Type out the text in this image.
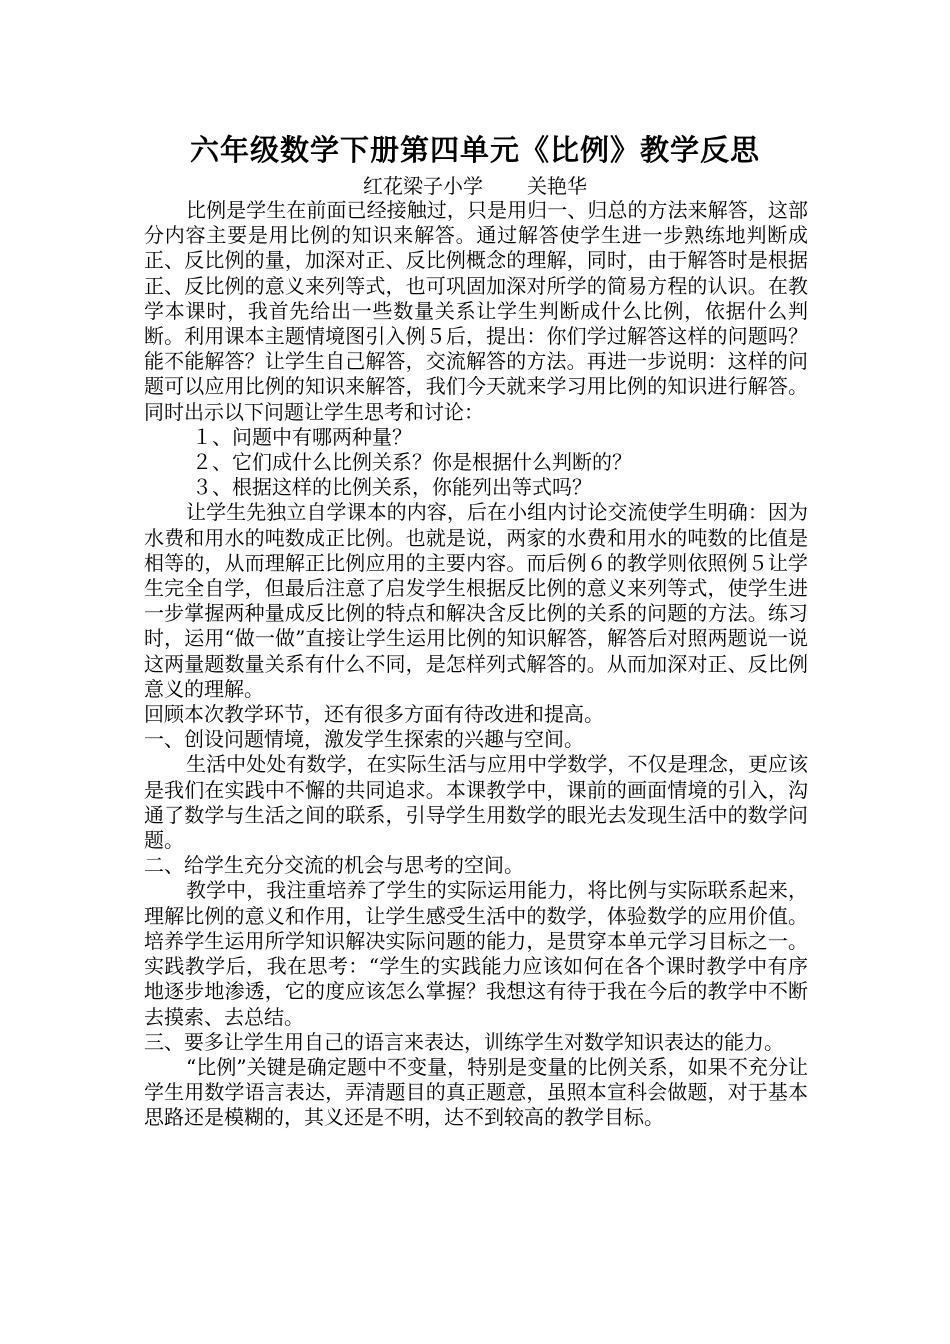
六年级数学下册第四单元《比例》教学反思
红花梁子小学 关艳华

比例是学生在前面已经接触过，只是用归一、归总的方法来解答，这部分内容主要是用比例的知识来解答。通过解答使学生进一步熟练地判断成正、反比例的量，加深对正、反比例概念的理解，同时，由于解答时是根据正、反比例的意义来列等式，也可巩固加深对所学的简易方程的认识。在教学本课时，我首先给出一些数量关系让学生判断成什么比例，依据什么判断。利用课本主题情境图引入例５后，提出：你们学过解答这样的问题吗？能不能解答？让学生自己解答，交流解答的方法。再进一步说明：这样的问题可以应用比例的知识来解答，我们今天就来学习用比例的知识进行解答。同时出示以下问题让学生思考和讨论：

１、问题中有哪两种量？

２、它们成什么比例关系？你是根据什么判断的？

３、根据这样的比例关系，你能列出等式吗？

让学生先独立自学课本的内容，后在小组内讨论交流使学生明确：因为水费和用水的吨数成正比例。也就是说，两家的水费和用水的吨数的比值是相等的，从而理解正比例应用的主要内容。而后例６的教学则依照例５让学生完全自学，但最后注意了启发学生根据反比例的意义来列等式，使学生进一步掌握两种量成反比例的特点和解决含反比例的关系的问题的方法。练习时，运用“做一做”直接让学生运用比例的知识解答，解答后对照两题说一说这两量题数量关系有什么不同，是怎样列式解答的。从而加深对正、反比例意义的理解。

回顾本次教学环节，还有很多方面有待改进和提高。

一、创设问题情境，激发学生探索的兴趣与空间。

生活中处处有数学，在实际生活与应用中学数学，不仅是理念，更应该是我们在实践中不懈的共同追求。本课教学中，课前的画面情境的引入，沟通了数学与生活之间的联系，引导学生用数学的眼光去发现生活中的数学问题。

二、给学生充分交流的机会与思考的空间。

教学中，我注重培养了学生的实际运用能力，将比例与实际联系起来，理解比例的意义和作用，让学生感受生活中的数学，体验数学的应用价值。培养学生运用所学知识解决实际问题的能力，是贯穿本单元学习目标之一。实践教学后，我在思考：“学生的实践能力应该如何在各个课时教学中有序地逐步地渗透，它的度应该怎么掌握？我想这有待于我在今后的教学中不断去摸索、去总结。

三、要多让学生用自己的语言来表达，训练学生对数学知识表达的能力。

“比例”关键是确定题中不变量，特别是变量的比例关系，如果不充分让学生用数学语言表达，弄清题目的真正题意，虽照本宣科会做题，对于基本思路还是模糊的，其义还是不明，达不到较高的教学目标。
